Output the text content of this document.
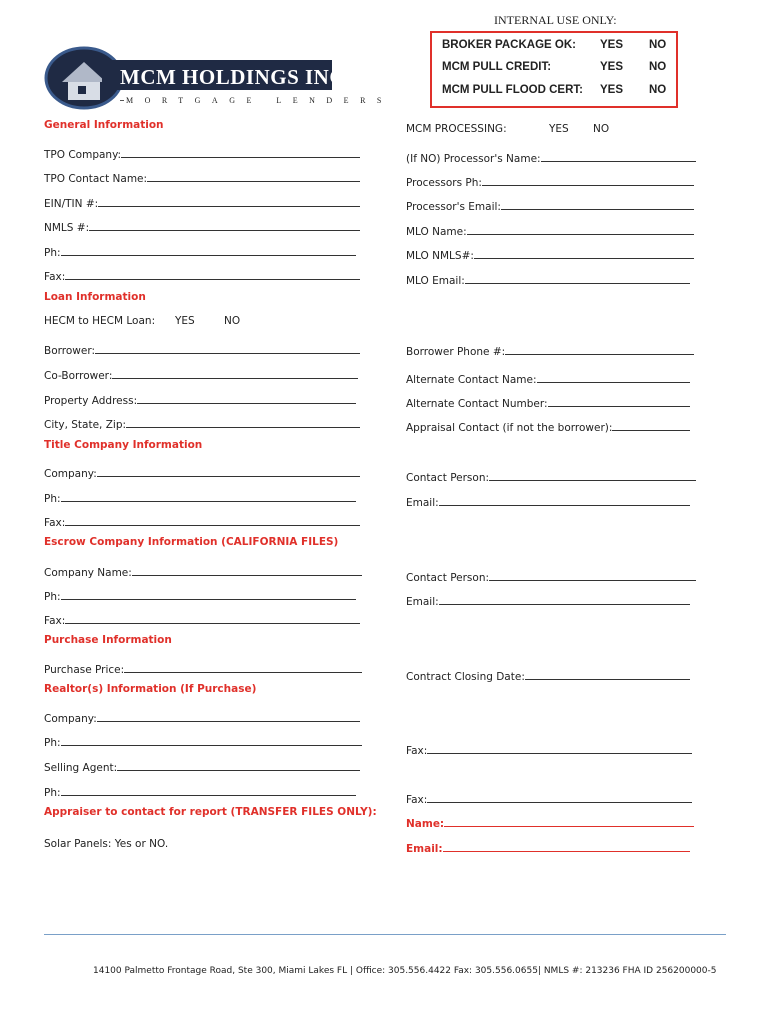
INTERNAL USE ONLY:
BROKER PACKAGE OK: YES NO
MCM PULL CREDIT:	YES NO
MCM PULL FLOOD CERT: YES NO
MCM HOLDINGS INC.
MORTGAGE LENDERS
General Information
TPO Company:
TPO Contact Name:
EIN/TIN #:
NMLS #:
Ph:
Fax:
Loan Information
HECM to HECM Loan: YES	NO
Borrower:
Co-Borrower:
Property Address:
City, State, Zip:
Title Company Information
Company:
Ph:
Fax:
Escrow Company Information (CALIFORNIA FILES)
Company Name:
Ph:
Fax:
Purchase Information
Purchase Price:
Realtor(s) Information (If Purchase)
Company:
Ph:
Selling Agent:
Ph:
Appraiser to contact for report (TRANSFER FILES ONLY):
Solar Panels: Yes or NO.
MCM PROCESSING:	YES NO
(If NO) Processor's Name:
Processors Ph:
Processor's Email:
MLO Name:
MLO NMLS#:
MLO Email:
Borrower Phone #:
Alternate Contact Name:
Alternate Contact Number:
Appraisal Contact (if not the borrower):
Contact Person:
Email:
Contact Person:
Email:
Contract Closing Date:
Fax:
Fax:
Name:
Email:
14100 Palmetto Frontage Road, Ste 300, Miami Lakes FL | Office: 305.556.4422 Fax: 305.556.0655| NMLS #: 213236 FHA ID 256200000-5
